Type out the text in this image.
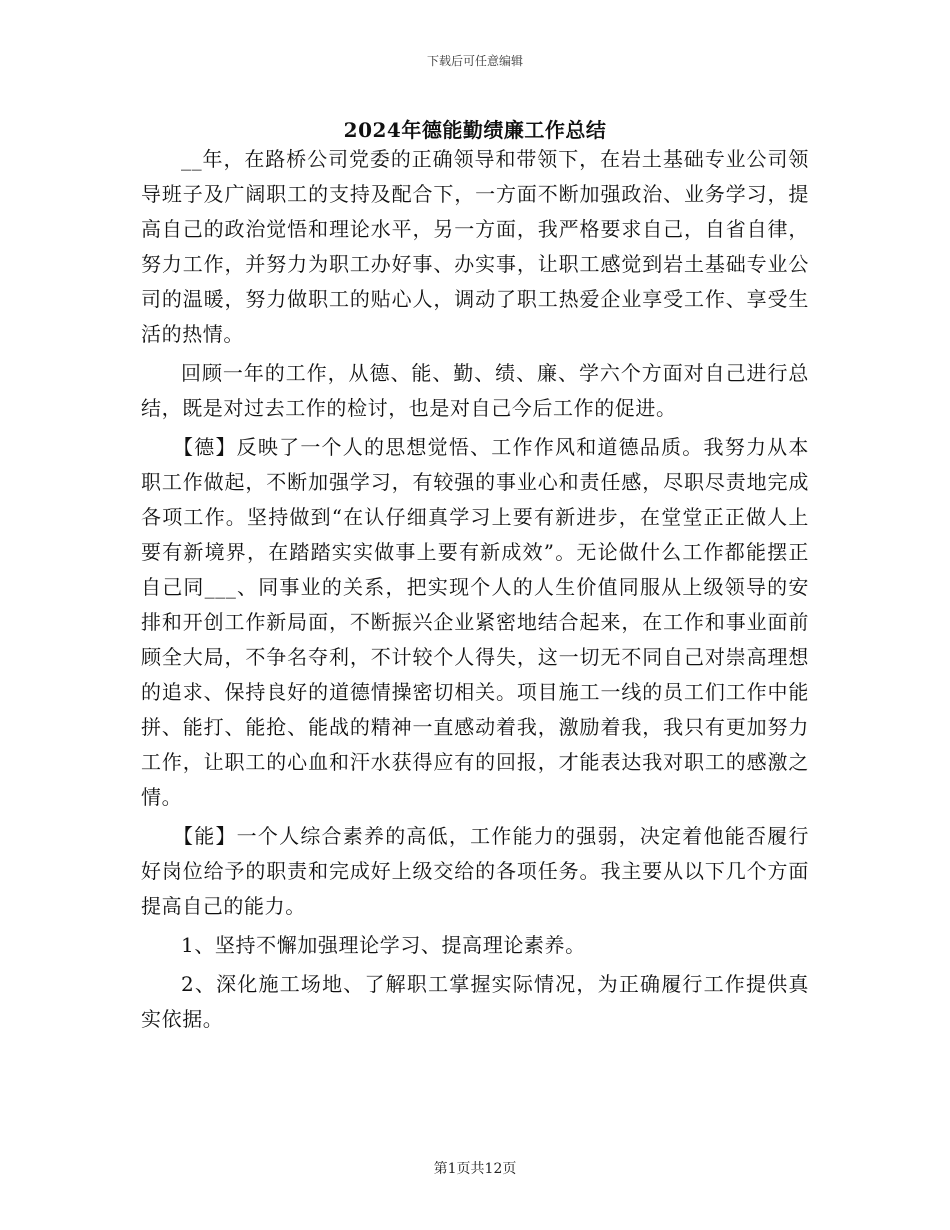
下载后可任意编辑
2024年德能勤绩廉工作总结

__年，在路桥公司党委的正确领导和带领下，在岩土基础专业公司领导班子及广阔职工的支持及配合下，一方面不断加强政治、业务学习，提高自己的政治觉悟和理论水平，另一方面，我严格要求自己，自省自律，努力工作，并努力为职工办好事、办实事，让职工感觉到岩土基础专业公司的温暖，努力做职工的贴心人，调动了职工热爱企业享受工作、享受生活的热情。

回顾一年的工作，从德、能、勤、绩、廉、学六个方面对自己进行总结，既是对过去工作的检讨，也是对自己今后工作的促进。

【德】反映了一个人的思想觉悟、工作作风和道德品质。我努力从本职工作做起，不断加强学习，有较强的事业心和责任感，尽职尽责地完成各项工作。坚持做到“在认仔细真学习上要有新进步，在堂堂正正做人上要有新境界，在踏踏实实做事上要有新成效”。无论做什么工作都能摆正自己同___、同事业的关系，把实现个人的人生价值同服从上级领导的安排和开创工作新局面，不断振兴企业紧密地结合起来，在工作和事业面前顾全大局，不争名夺利，不计较个人得失，这一切无不同自己对崇高理想的追求、保持良好的道德情操密切相关。项目施工一线的员工们工作中能拼、能打、能抢、能战的精神一直感动着我，激励着我，我只有更加努力工作，让职工的心血和汗水获得应有的回报，才能表达我对职工的感激之情。

【能】一个人综合素养的高低，工作能力的强弱，决定着他能否履行好岗位给予的职责和完成好上级交给的各项任务。我主要从以下几个方面提高自己的能力。

1、坚持不懈加强理论学习、提高理论素养。

2、深化施工场地、了解职工掌握实际情况，为正确履行工作提供真实依据。

第1页共12页
